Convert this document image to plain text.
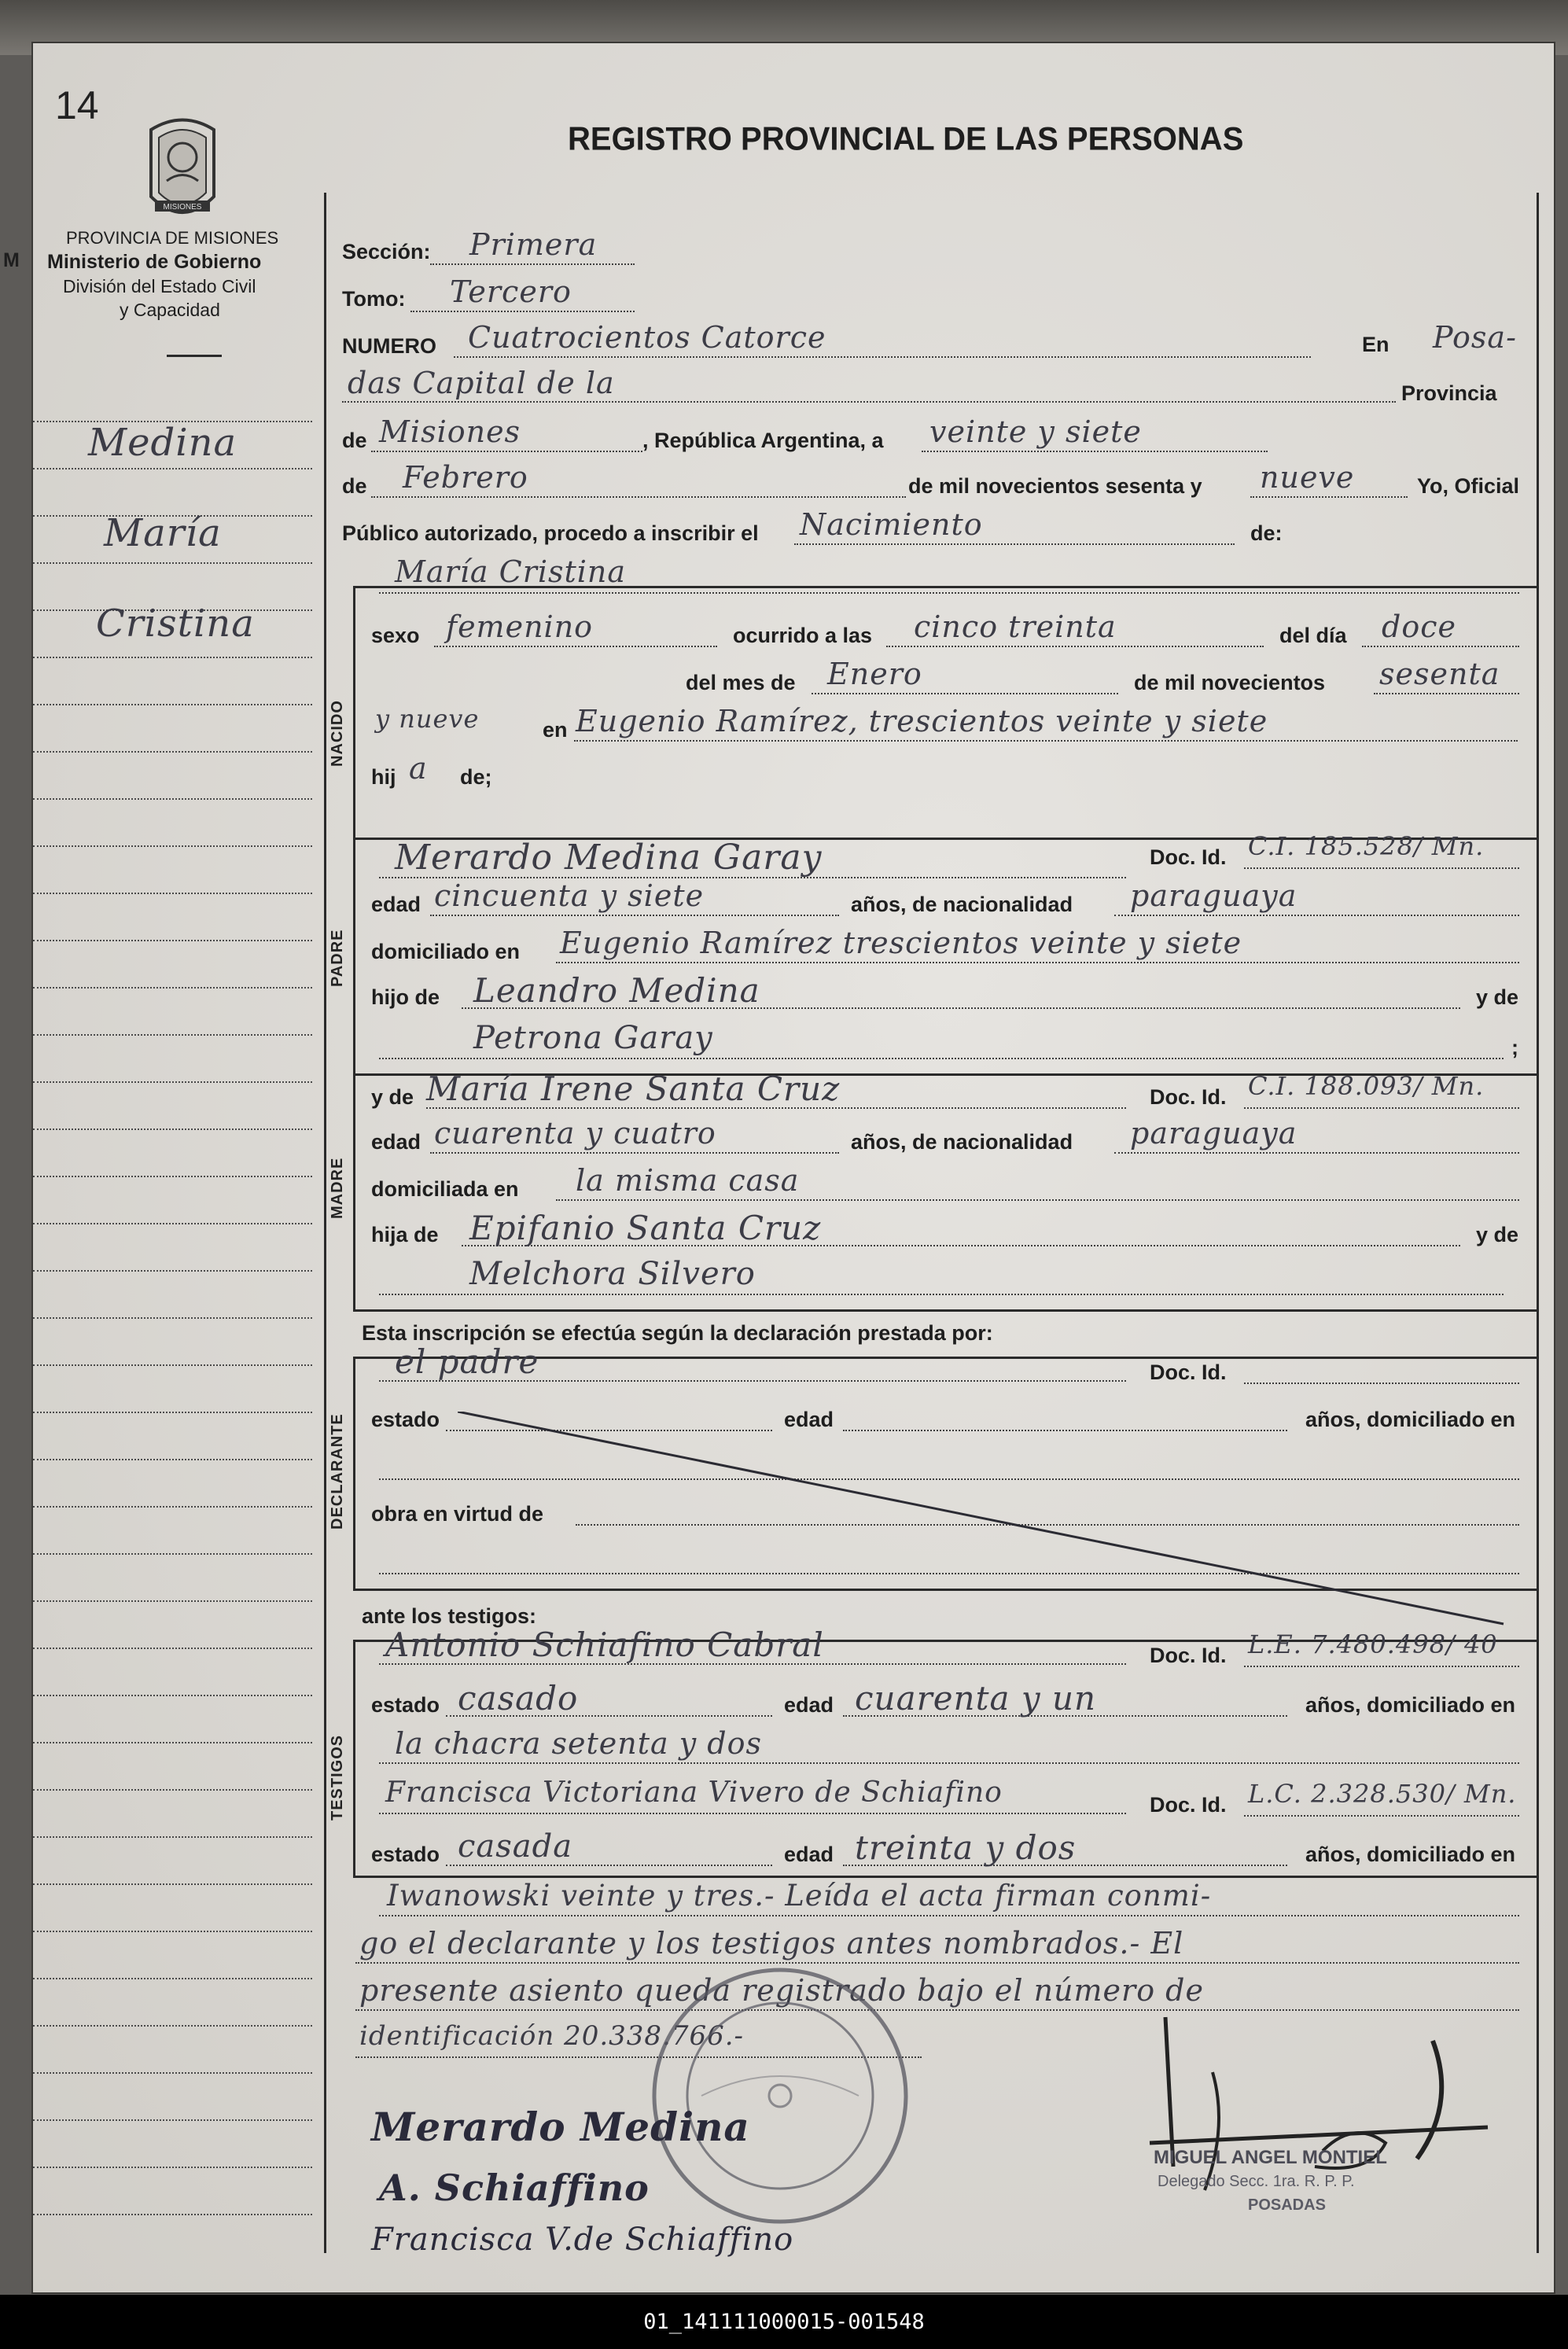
14
MISIONES
REGISTRO PROVINCIAL DE LAS PERSONAS
PROVINCIA DE MISIONES
Ministerio de Gobierno
División del Estado Civil
y Capacidad
M
Medina
María
Cristina
NACIDO
PADRE
MADRE
DECLARANTE
TESTIGOS
Sección: Primera
Tomo: Tercero
NUMERO Cuatrocientos Catorce	En Posa-
das Capital de la	Provincia
de Misiones	, República Argentina, a veinte y siete
de Febrero	de mil novecientos sesenta y nueve	Yo, Oficial
Público autorizado, procedo a inscribir el Nacimiento	de:
María Cristina
sexo femenino	ocurrido a las cinco treinta	del día doce
del mes de Enero	de mil novecientos sesenta
y nueve	en Eugenio Ramírez, trescientos veinte y siete
hij a de;
Merardo Medina Garay	Doc. Id. C.I. 185.528/ Mn.
edad cincuenta y siete	años, de nacionalidad paraguaya
domiciliado en Eugenio Ramírez trescientos veinte y siete
hijo de Leandro Medina	y de
Petrona Garay	;
y de María Irene Santa Cruz	Doc. Id. C.I. 188.093/ Mn.
edad cuarenta y cuatro	años, de nacionalidad paraguaya
domiciliada en la misma casa
hija de Epifanio Santa Cruz	y de
Melchora Silvero
Esta inscripción se efectúa según la declaración prestada por:
el padre	Doc. Id.
estado	edad	años, domiciliado en
obra en virtud de
ante los testigos:
Antonio Schiafino Cabral	Doc. Id. L.E. 7.480.498/ 40
estado casado	edad cuarenta y un	años, domiciliado en
la chacra setenta y dos
Francisca Victoriana Vivero de Schiafino	Doc. Id. L.C. 2.328.530/ Mn.
estado casada	edad treinta y dos	años, domiciliado en
Iwanowski veinte y tres.- Leída el acta firman conmi-
go el declarante y los testigos antes nombrados.- El
presente asiento queda registrado bajo el número de
identificación 20.338.766.-
Merardo Medina
A. Schiaffino
Francisca V.de Schiaffino
MIGUEL ANGEL MONTIEL
Delegado Secc. 1ra. R. P. P.
POSADAS
01_141111000015-001548
